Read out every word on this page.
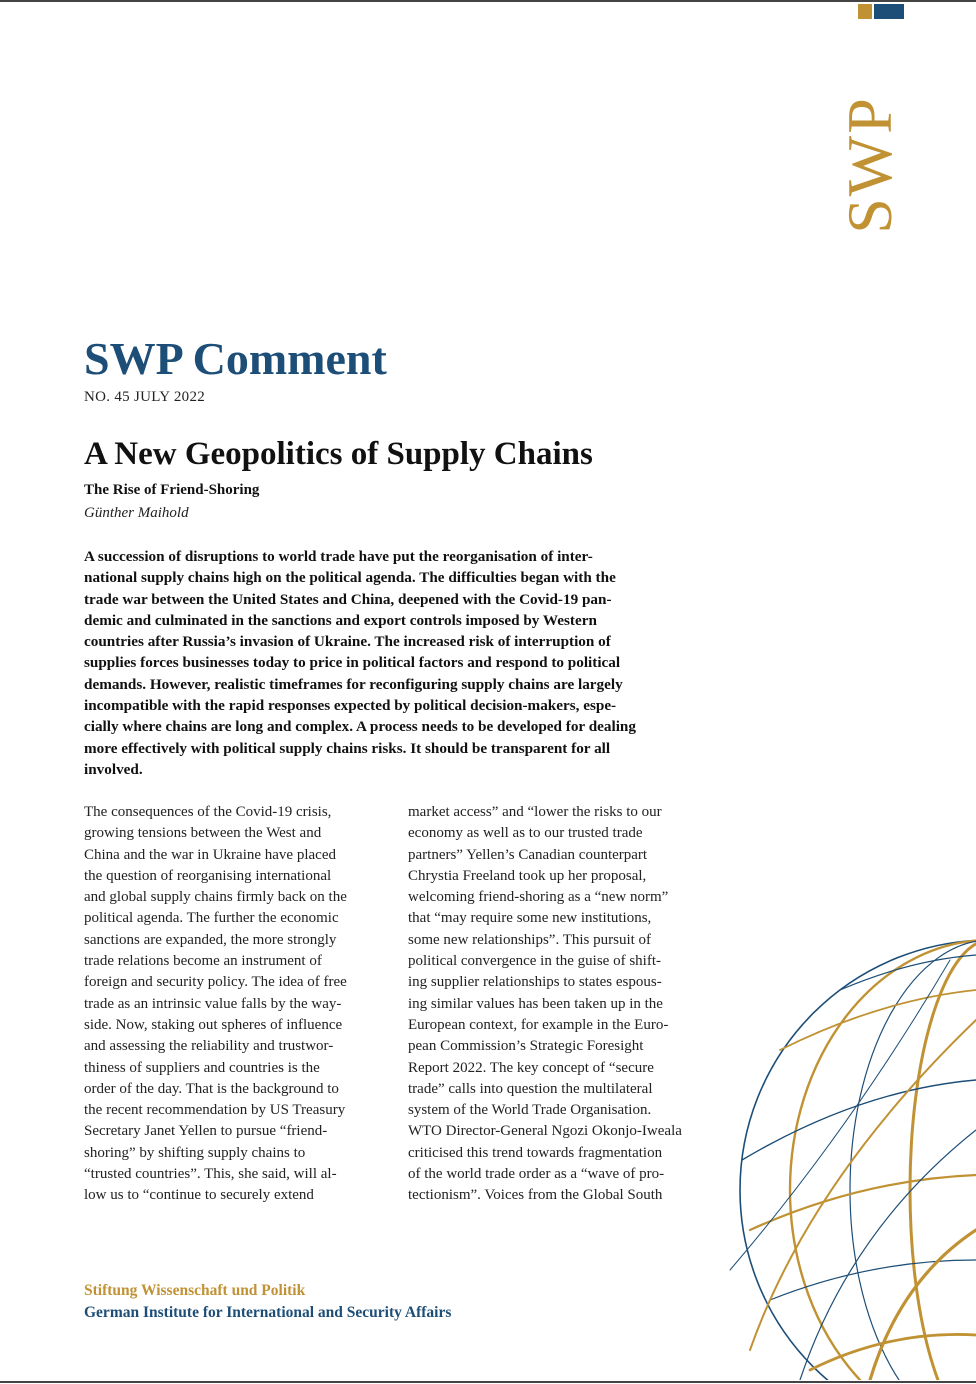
SWP
SWP Comment
NO. 45 JULY 2022
A New Geopolitics of Supply Chains
The Rise of Friend-Shoring
Günther Maihold
A succession of disruptions to world trade have put the reorganisation of inter-
national supply chains high on the political agenda. The difficulties began with the
trade war between the United States and China, deepened with the Covid-19 pan-
demic and culminated in the sanctions and export controls imposed by Western
countries after Russia’s invasion of Ukraine. The increased risk of interruption of
supplies forces businesses today to price in political factors and respond to political
demands. However, realistic timeframes for reconfiguring supply chains are largely
incompatible with the rapid responses expected by political decision-makers, espe-
cially where chains are long and complex. A process needs to be developed for dealing
more effectively with political supply chains risks. It should be transparent for all
involved.
The consequences of the Covid-19 crisis,
growing tensions between the West and
China and the war in Ukraine have placed
the question of reorganising international
and global supply chains firmly back on the
political agenda. The further the economic
sanctions are expanded, the more strongly
trade relations become an instrument of
foreign and security policy. The idea of free
trade as an intrinsic value falls by the way-
side. Now, staking out spheres of influence
and assessing the reliability and trustwor-
thiness of suppliers and countries is the
order of the day. That is the background to
the recent recommendation by US Treasury
Secretary Janet Yellen to pursue “friend-
shoring” by shifting supply chains to
“trusted countries”. This, she said, will al-
low us to “continue to securely extend
market access” and “lower the risks to our
economy as well as to our trusted trade
partners” Yellen’s Canadian counterpart
Chrystia Freeland took up her proposal,
welcoming friend-shoring as a “new norm”
that “may require some new institutions,
some new relationships”. This pursuit of
political convergence in the guise of shift-
ing supplier relationships to states espous-
ing similar values has been taken up in the
European context, for example in the Euro-
pean Commission’s Strategic Foresight
Report 2022. The key concept of “secure
trade” calls into question the multilateral
system of the World Trade Organisation.
WTO Director-General Ngozi Okonjo-Iweala
criticised this trend towards fragmentation
of the world trade order as a “wave of pro-
tectionism”. Voices from the Global South
Stiftung Wissenschaft und Politik
German Institute for International and Security Affairs
